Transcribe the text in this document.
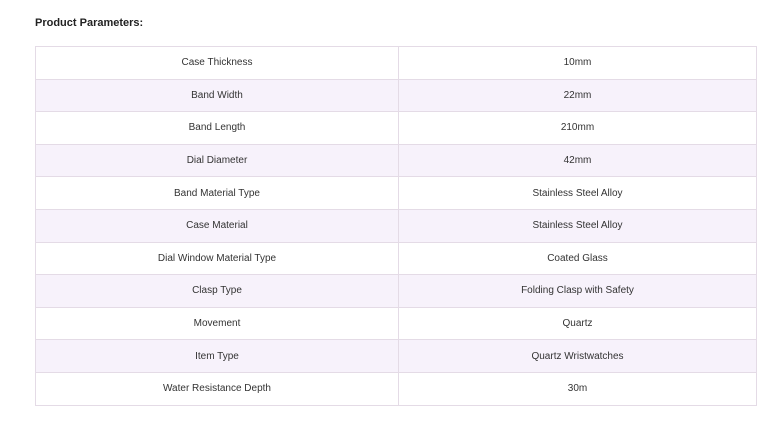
Product Parameters:
Case Thickness	10mm
Band Width	22mm
Band Length	210mm
Dial Diameter	42mm
Band Material Type	Stainless Steel Alloy
Case Material	Stainless Steel Alloy
Dial Window Material Type	Coated Glass
Clasp Type	Folding Clasp with Safety
Movement	Quartz
Item Type	Quartz Wristwatches
Water Resistance Depth	30m
